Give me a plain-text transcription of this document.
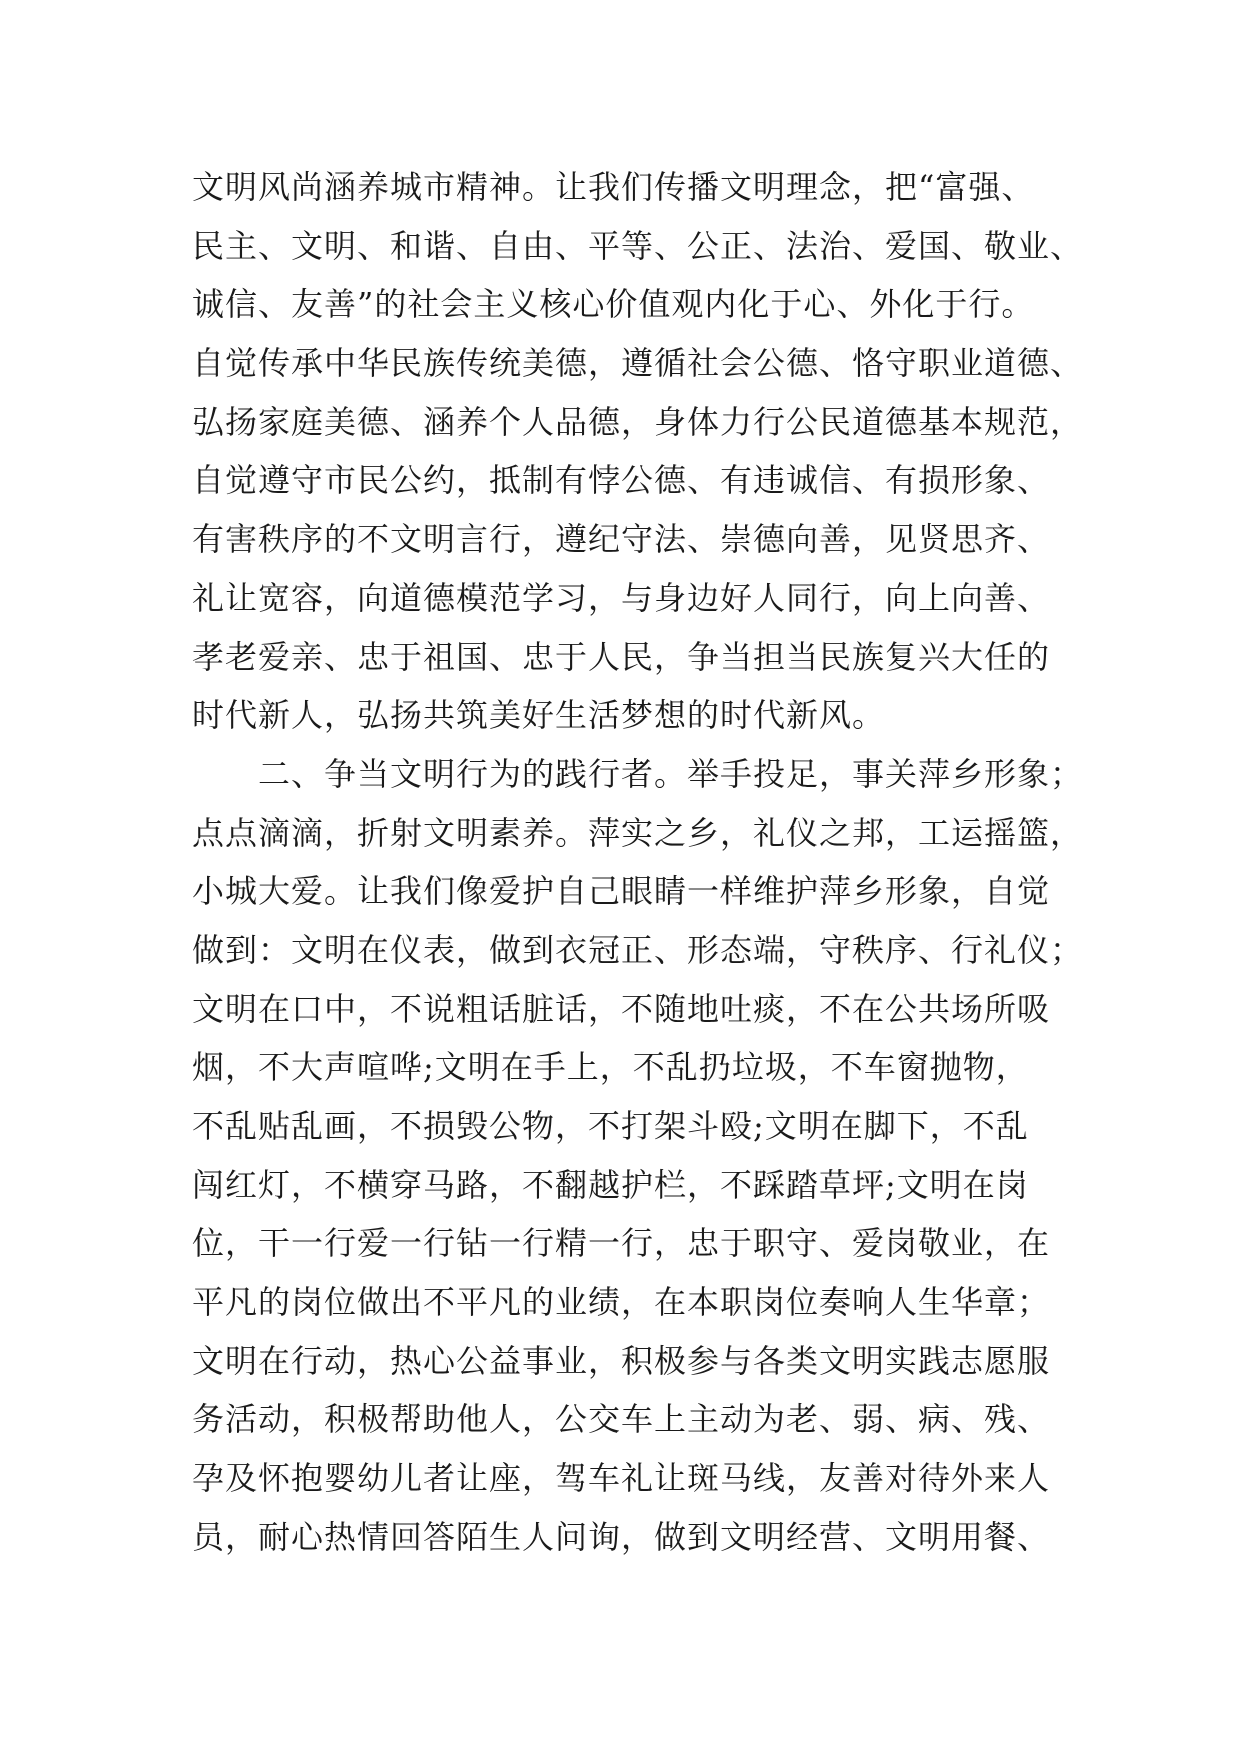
文明风尚涵养城市精神。让我们传播文明理念，把“富强、
民主、文明、和谐、自由、平等、公正、法治、爱国、敬业、
诚信、友善”的社会主义核心价值观内化于心、外化于行。
自觉传承中华民族传统美德，遵循社会公德、恪守职业道德、
弘扬家庭美德、涵养个人品德，身体力行公民道德基本规范，
自觉遵守市民公约，抵制有悖公德、有违诚信、有损形象、
有害秩序的不文明言行，遵纪守法、崇德向善，见贤思齐、
礼让宽容，向道德模范学习，与身边好人同行，向上向善、
孝老爱亲、忠于祖国、忠于人民，争当担当民族复兴大任的
时代新人，弘扬共筑美好生活梦想的时代新风。
　　二、争当文明行为的践行者。举手投足，事关萍乡形象；
点点滴滴，折射文明素养。萍实之乡，礼仪之邦，工运摇篮，
小城大爱。让我们像爱护自己眼睛一样维护萍乡形象，自觉
做到：文明在仪表，做到衣冠正、形态端，守秩序、行礼仪；
文明在口中，不说粗话脏话，不随地吐痰，不在公共场所吸
烟，不大声喧哗;文明在手上，不乱扔垃圾，不车窗抛物，
不乱贴乱画，不损毁公物，不打架斗殴;文明在脚下，不乱
闯红灯，不横穿马路，不翻越护栏，不踩踏草坪;文明在岗
位，干一行爱一行钻一行精一行，忠于职守、爱岗敬业，在
平凡的岗位做出不平凡的业绩，在本职岗位奏响人生华章；
文明在行动，热心公益事业，积极参与各类文明实践志愿服
务活动，积极帮助他人，公交车上主动为老、弱、病、残、
孕及怀抱婴幼儿者让座，驾车礼让斑马线，友善对待外来人
员，耐心热情回答陌生人问询，做到文明经营、文明用餐、
